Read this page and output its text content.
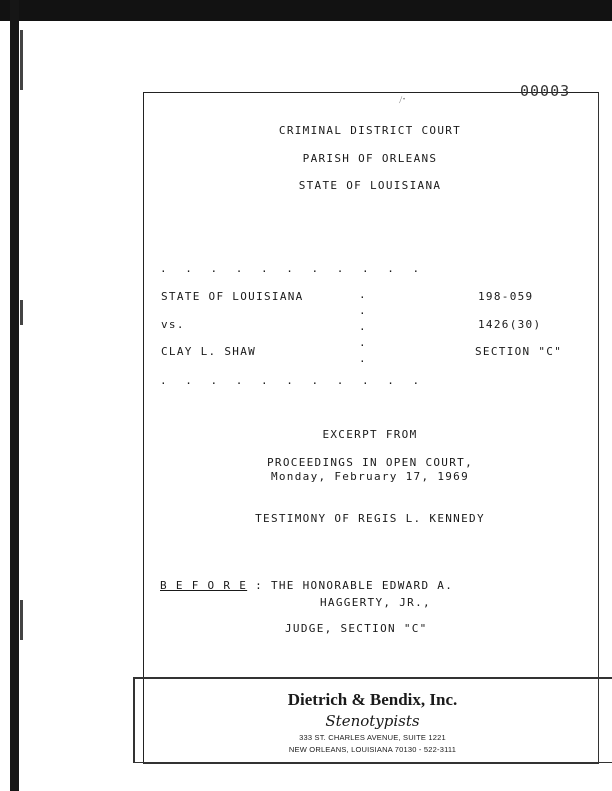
00003
⁄·
CRIMINAL DISTRICT COURT
PARISH OF ORLEANS
STATE OF LOUISIANA
. . . . . . . . . . .
.
.
.
.
.
. . . . . . . . . . .
STATE OF LOUISIANA
vs.
CLAY L. SHAW
198-059
1426(30)
SECTION "C"
EXCERPT FROM
PROCEEDINGS IN OPEN COURT,
Monday, February 17, 1969
TESTIMONY OF REGIS L. KENNEDY
B E F O R E : THE HONORABLE EDWARD A.
HAGGERTY, JR.,
JUDGE, SECTION "C"
Dietrich & Bendix, Inc.
Stenotypists
333 ST. CHARLES AVENUE, SUITE 1221
NEW ORLEANS, LOUISIANA 70130 - 522-3111
